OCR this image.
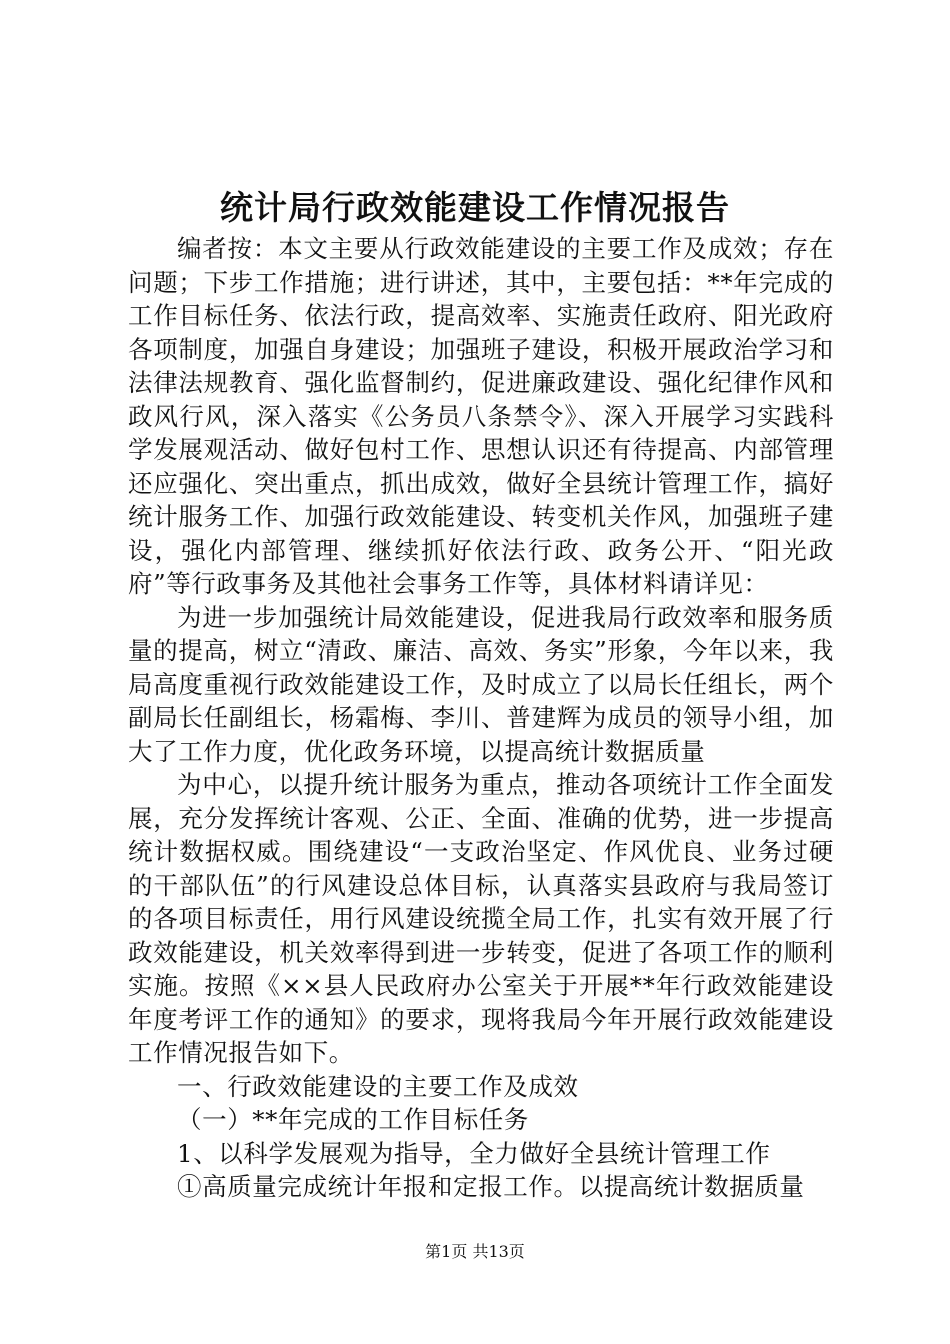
统计局行政效能建设工作情况报告

编者按：本文主要从行政效能建设的主要工作及成效；存在问题；下步工作措施；进行讲述，其中，主要包括：**年完成的工作目标任务、依法行政，提高效率、实施责任政府、阳光政府各项制度，加强自身建设；加强班子建设，积极开展政治学习和法律法规教育、强化监督制约，促进廉政建设、强化纪律作风和政风行风，深入落实《公务员八条禁令》、深入开展学习实践科学发展观活动、做好包村工作、思想认识还有待提高、内部管理还应强化、突出重点，抓出成效，做好全县统计管理工作，搞好统计服务工作、加强行政效能建设、转变机关作风，加强班子建设，强化内部管理、继续抓好依法行政、政务公开、“阳光政府”等行政事务及其他社会事务工作等，具体材料请详见：

为进一步加强统计局效能建设，促进我局行政效率和服务质量的提高，树立“清政、廉洁、高效、务实”形象，今年以来，我局高度重视行政效能建设工作，及时成立了以局长任组长，两个副局长任副组长，杨霜梅、李川、普建辉为成员的领导小组，加大了工作力度，优化政务环境，以提高统计数据质量

为中心，以提升统计服务为重点，推动各项统计工作全面发展，充分发挥统计客观、公正、全面、准确的优势，进一步提高统计数据权威。围绕建设“一支政治坚定、作风优良、业务过硬的干部队伍”的行风建设总体目标，认真落实县政府与我局签订的各项目标责任，用行风建设统揽全局工作，扎实有效开展了行政效能建设，机关效率得到进一步转变，促进了各项工作的顺利实施。按照《××县人民政府办公室关于开展**年行政效能建设年度考评工作的通知》的要求，现将我局今年开展行政效能建设工作情况报告如下。

一、行政效能建设的主要工作及成效

（一）**年完成的工作目标任务

1、以科学发展观为指导，全力做好全县统计管理工作

①高质量完成统计年报和定报工作。以提高统计数据质量

第1页 共13页
